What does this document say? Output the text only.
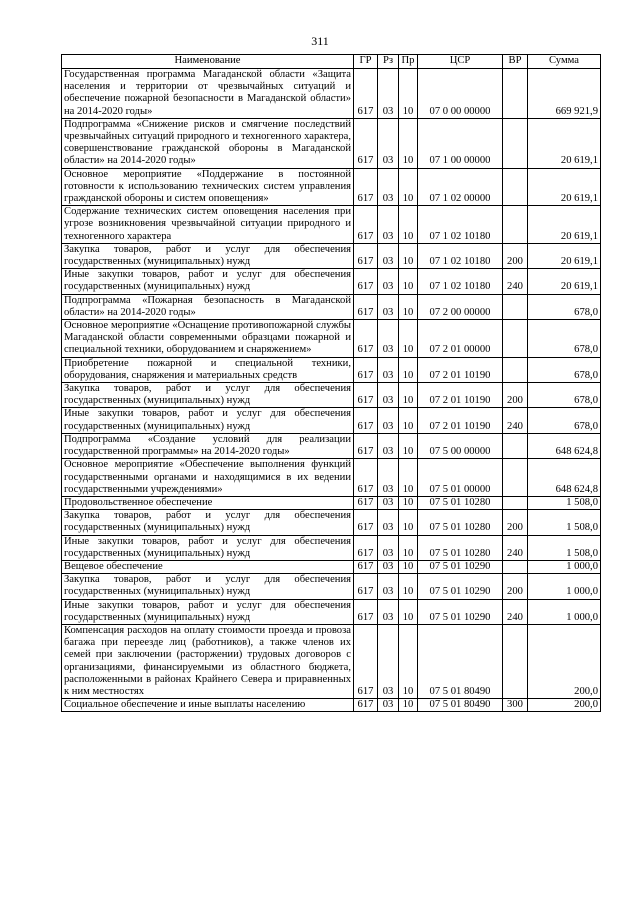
311
Наименование	ГР	Рз	Пр	ЦСР	ВР	Сумма
Государственная программа Магаданской области «Защита населения и территории от чрезвычайных ситуаций и обеспечение пожарной безопасности в Магаданской области» на 2014-2020 годы»	617	03	10	07 0 00 00000		669 921,9
Подпрограмма «Снижение рисков и смягчение последствий чрезвычайных ситуаций природного и техногенного характера, совершенствование гражданской обороны в Магаданской области» на 2014-2020 годы»	617	03	10	07 1 00 00000		20 619,1
Основное мероприятие «Поддержание в постоянной готовности к использованию технических систем управления гражданской обороны и систем оповещения»	617	03	10	07 1 02 00000		20 619,1
Содержание технических систем оповещения населения при угрозе возникновения чрезвычайной ситуации природного и техногенного характера	617	03	10	07 1 02 10180		20 619,1
Закупка товаров, работ и услуг для обеспечения государственных (муниципальных) нужд	617	03	10	07 1 02 10180	200	20 619,1
Иные закупки товаров, работ и услуг для обеспечения государственных (муниципальных) нужд	617	03	10	07 1 02 10180	240	20 619,1
Подпрограмма «Пожарная безопасность в Магаданской области» на 2014-2020 годы»	617	03	10	07 2 00 00000		678,0
Основное мероприятие «Оснащение противопожарной службы Магаданской области современными образцами пожарной и специальной техники, оборудованием и снаряжением»	617	03	10	07 2 01 00000		678,0
Приобретение пожарной и специальной техники, оборудования, снаряжения и материальных средств	617	03	10	07 2 01 10190		678,0
Закупка товаров, работ и услуг для обеспечения государственных (муниципальных) нужд	617	03	10	07 2 01 10190	200	678,0
Иные закупки товаров, работ и услуг для обеспечения государственных (муниципальных) нужд	617	03	10	07 2 01 10190	240	678,0
Подпрограмма «Создание условий для реализации государственной программы» на 2014-2020 годы»	617	03	10	07 5 00 00000		648 624,8
Основное мероприятие «Обеспечение выполнения функций государственными органами и находящимися в их ведении государственными учреждениями»	617	03	10	07 5 01 00000		648 624,8
Продовольственное обеспечение	617	03	10	07 5 01 10280		1 508,0
Закупка товаров, работ и услуг для обеспечения государственных (муниципальных) нужд	617	03	10	07 5 01 10280	200	1 508,0
Иные закупки товаров, работ и услуг для обеспечения государственных (муниципальных) нужд	617	03	10	07 5 01 10280	240	1 508,0
Вещевое обеспечение	617	03	10	07 5 01 10290		1 000,0
Закупка товаров, работ и услуг для обеспечения государственных (муниципальных) нужд	617	03	10	07 5 01 10290	200	1 000,0
Иные закупки товаров, работ и услуг для обеспечения государственных (муниципальных) нужд	617	03	10	07 5 01 10290	240	1 000,0
Компенсация расходов на оплату стоимости проезда и провоза багажа при переезде лиц (работников), а также членов их семей при заключении (расторжении) трудовых договоров с организациями, финансируемыми из областного бюджета, расположенными в районах Крайнего Севера и приравненных к ним местностях	617	03	10	07 5 01 80490		200,0
Социальное обеспечение и иные выплаты населению	617	03	10	07 5 01 80490	300	200,0
